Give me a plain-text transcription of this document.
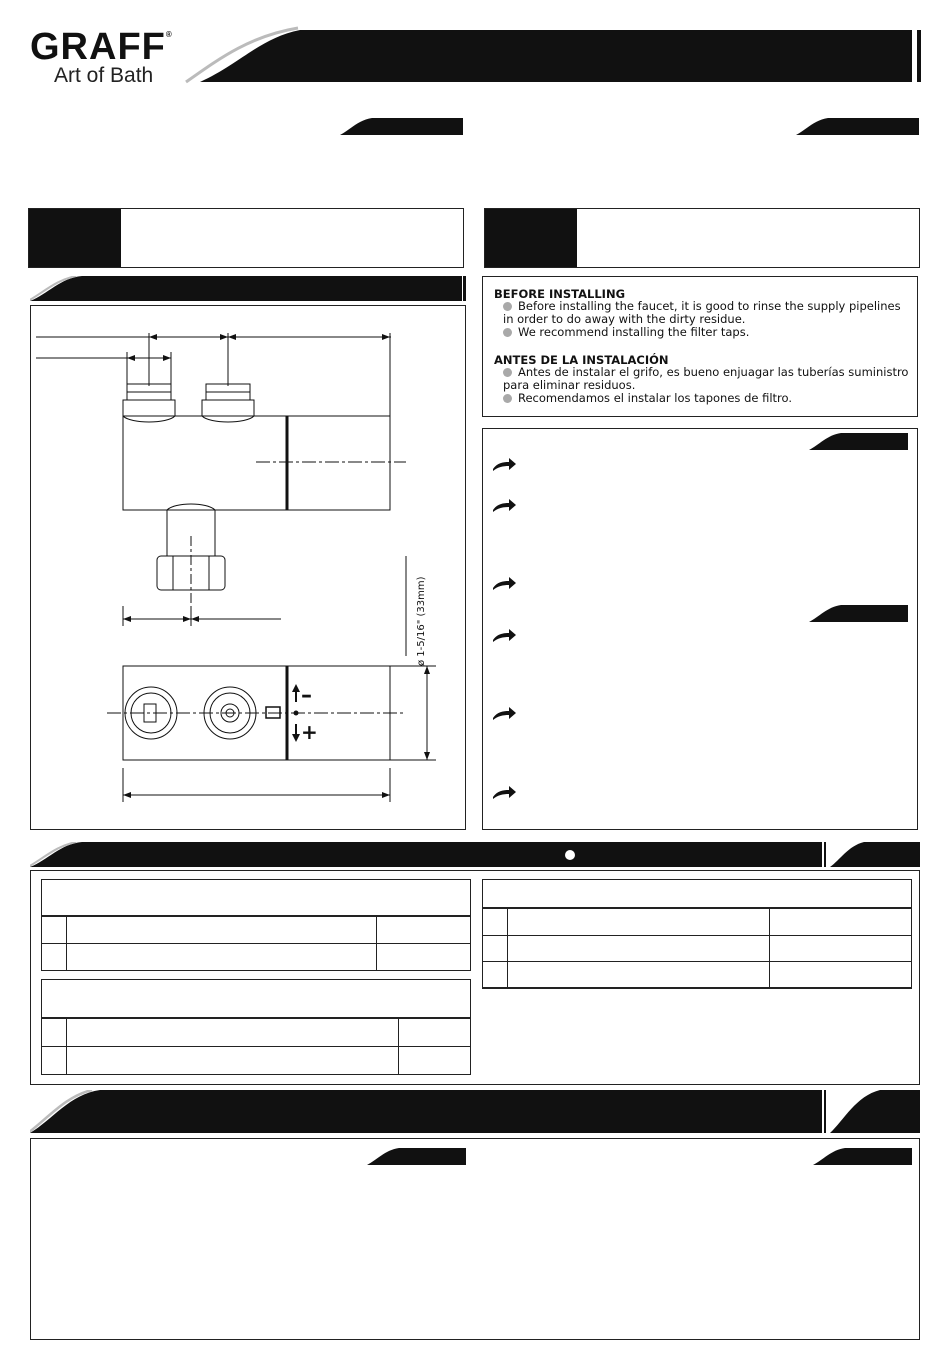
GRAFF®
Art of Bath
–
+
ø 1-5/16" (33mm)
BEFORE INSTALLING
Before installing the faucet, it is good to rinse the supply pipelines in order to do away with the dirty residue.
We recommend installing the filter taps.
ANTES DE LA INSTALACIÓN
Antes de instalar el grifo, es bueno enjuagar las tuberías suministro para eliminar residuos.
Recomendamos el instalar los tapones de filtro.
